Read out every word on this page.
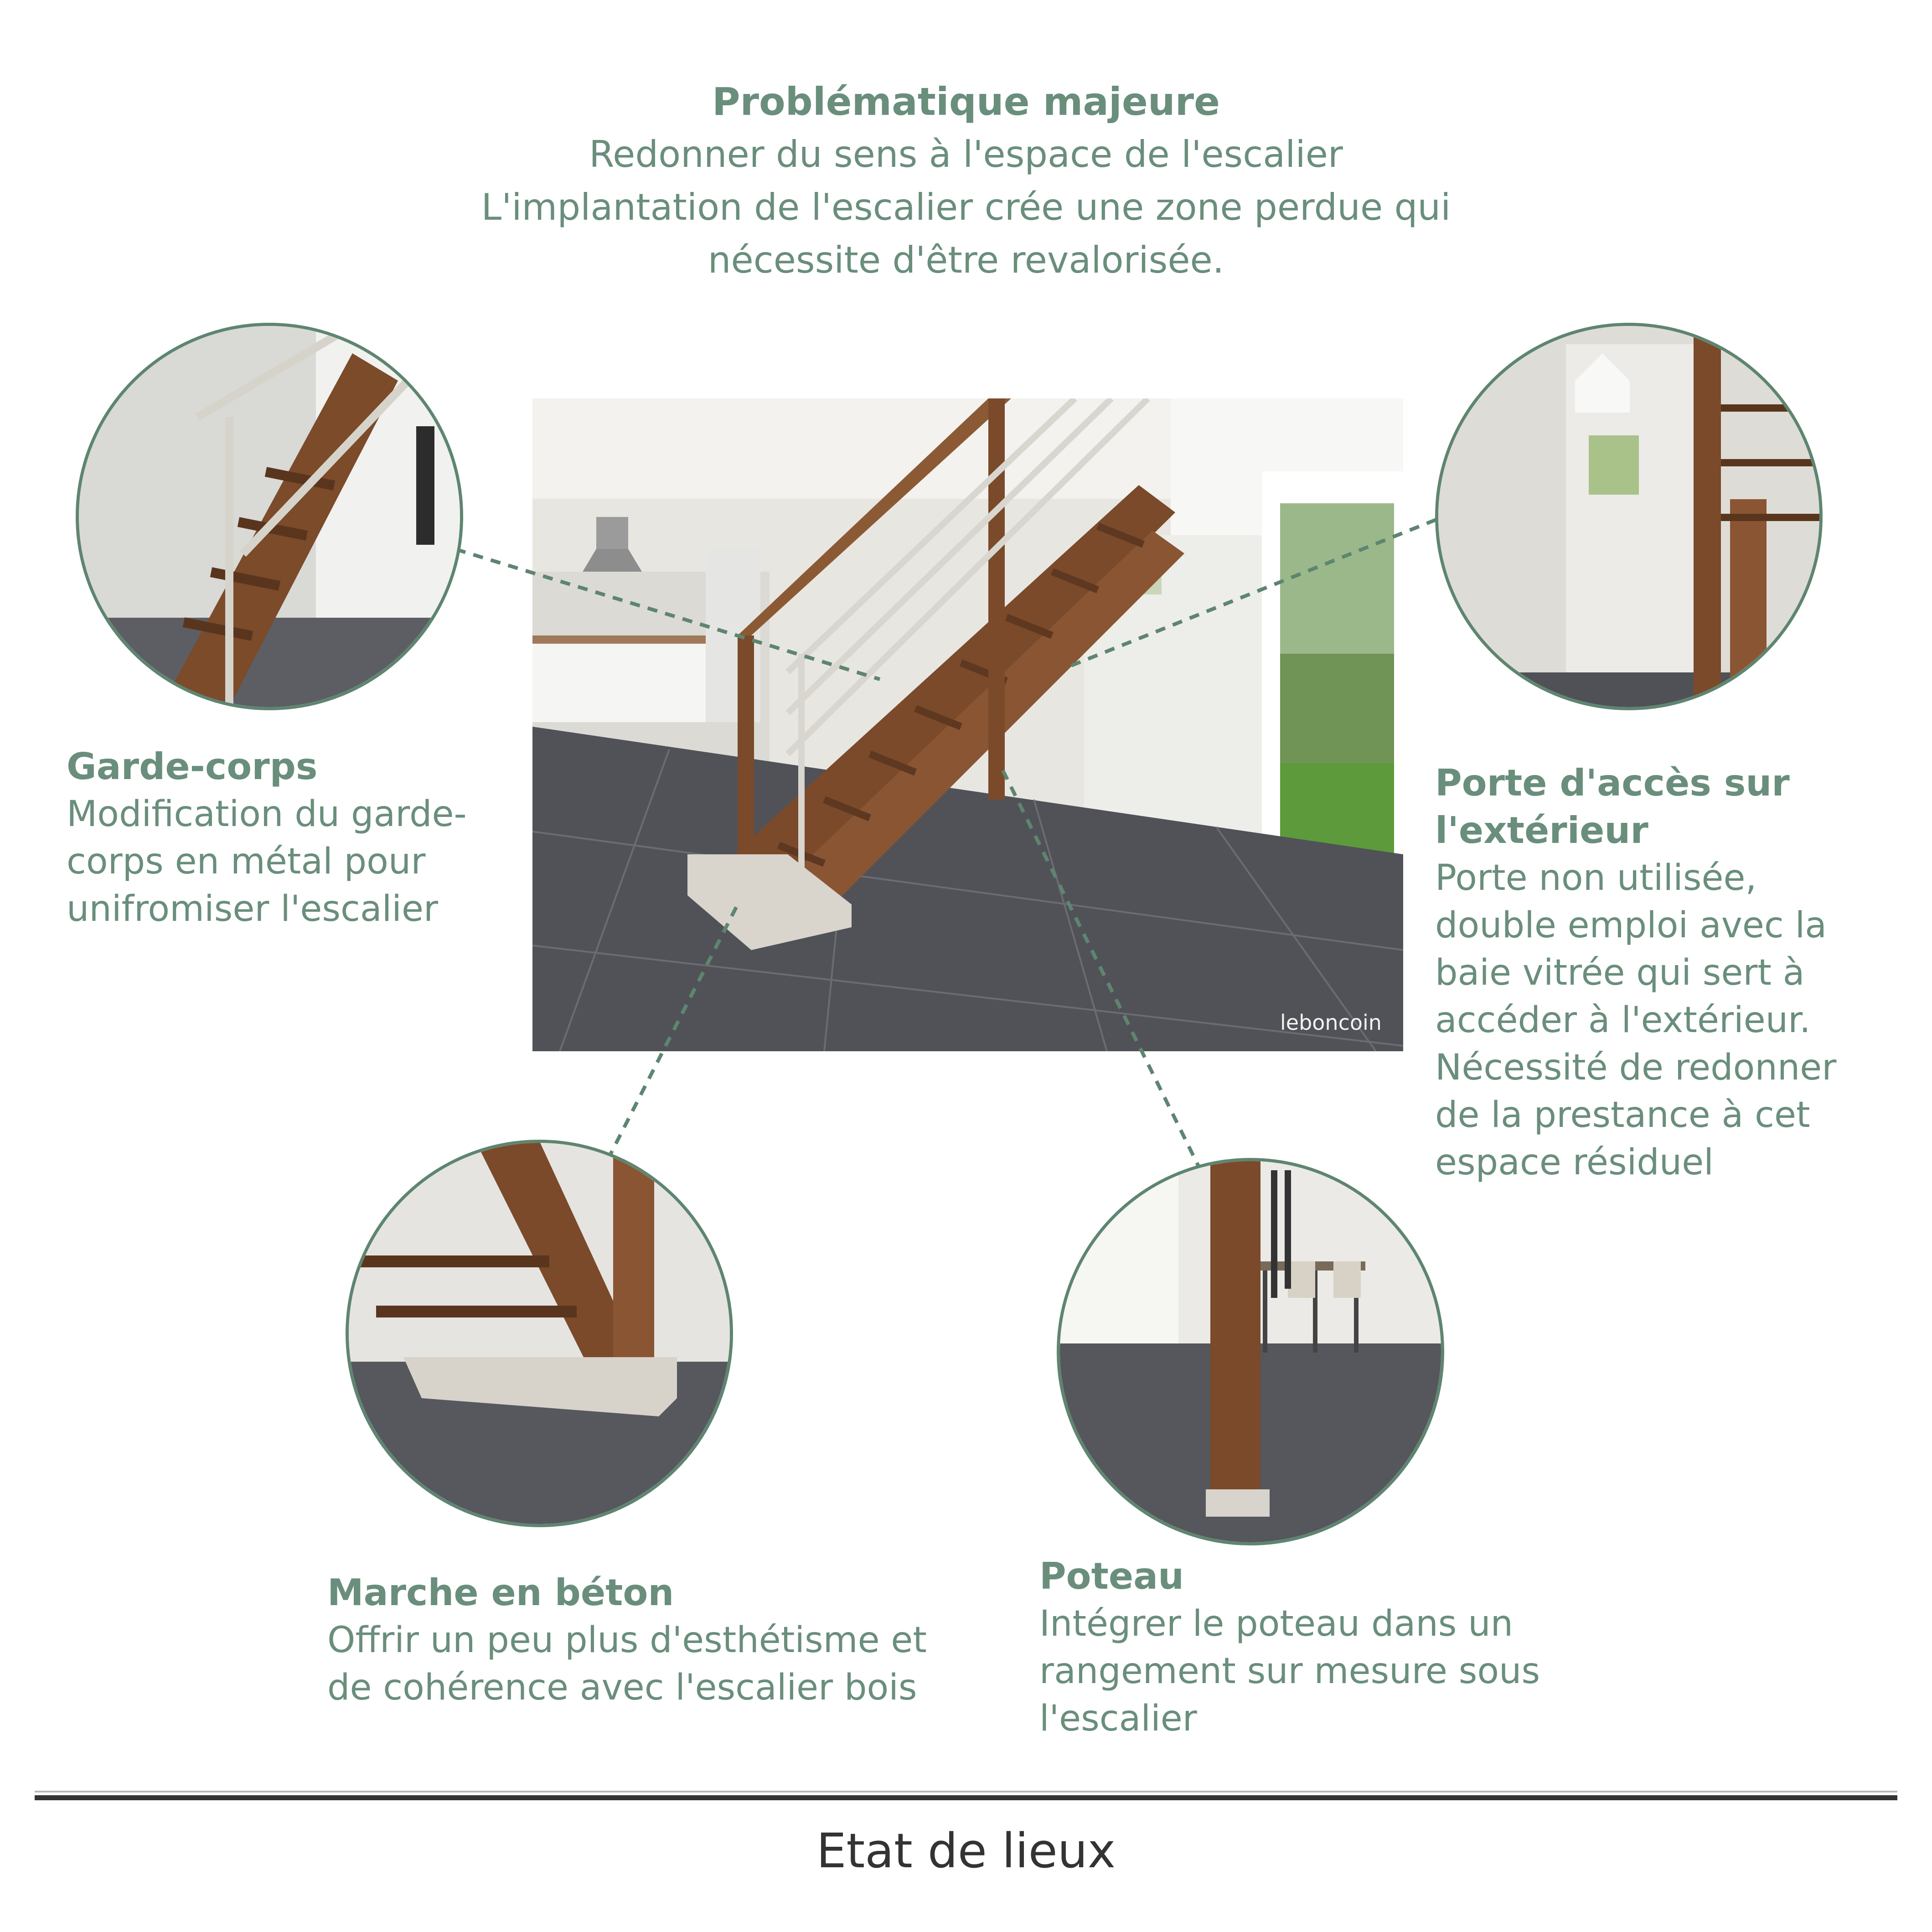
Problématique majeure
Redonner du sens à l'espace de l'escalier
L'implantation de l'escalier crée une zone perdue qui
nécessite d'être revalorisée.
leboncoin
Garde-corps
Modification du garde-
corps en métal pour
unifromiser l'escalier
Porte d'accès sur
l'extérieur
Porte non utilisée,
double emploi avec la
baie vitrée qui sert à
accéder à l'extérieur.
Nécessité de redonner
de la prestance à cet
espace résiduel
Marche en béton
Offrir un peu plus d'esthétisme et
de cohérence avec l'escalier bois
Poteau
Intégrer le poteau dans un
rangement sur mesure sous
l'escalier
Etat de lieux
